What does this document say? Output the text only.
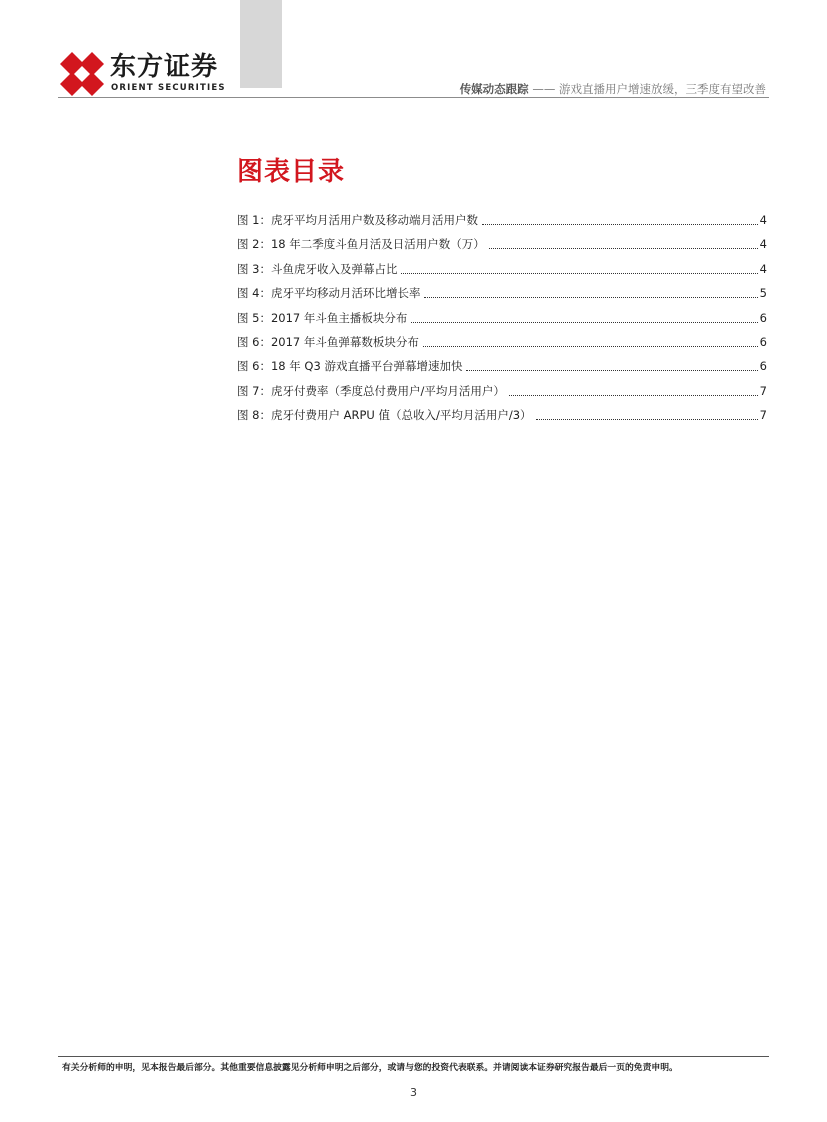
东方证券
ORIENT SECURITIES	传媒动态跟踪 —— 游戏直播用户增速放缓，三季度有望改善
图表目录
图 1：虎牙平均月活用户数及移动端月活用户数	4
图 2：18 年二季度斗鱼月活及日活用户数（万）	4
图 3：斗鱼虎牙收入及弹幕占比	4
图 4：虎牙平均移动月活环比增长率	5
图 5：2017 年斗鱼主播板块分布	6
图 6：2017 年斗鱼弹幕数板块分布	6
图 6：18 年 Q3 游戏直播平台弹幕增速加快	6
图 7：虎牙付费率（季度总付费用户/平均月活用户）	7
图 8：虎牙付费用户 ARPU 值（总收入/平均月活用户/3）	7
有关分析师的申明，见本报告最后部分。其他重要信息披露见分析师申明之后部分，或请与您的投资代表联系。并请阅读本证券研究报告最后一页的免责申明。
3
